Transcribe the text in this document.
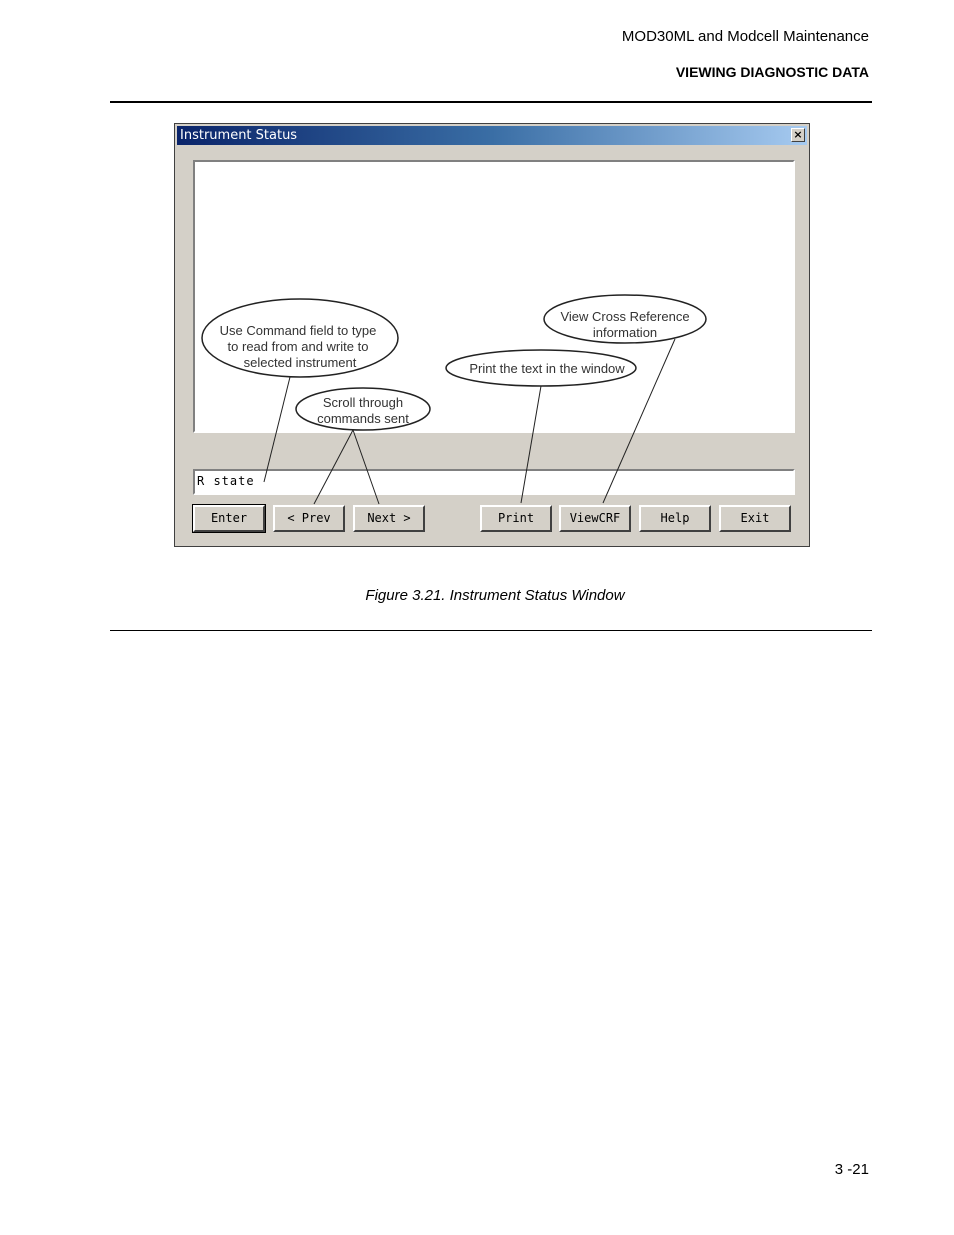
MOD30ML and Modcell Maintenance
VIEWING DIAGNOSTIC DATA
Instrument Status	×
R state
Enter	< Prev	Next >	Print	ViewCRF	Help	Exit
Use Command field to type
to read from and write to
selected instrument
Scroll through
commands sent
Print the text in the window
View Cross Reference
information
Figure 3.21. Instrument Status Window
3 -21
